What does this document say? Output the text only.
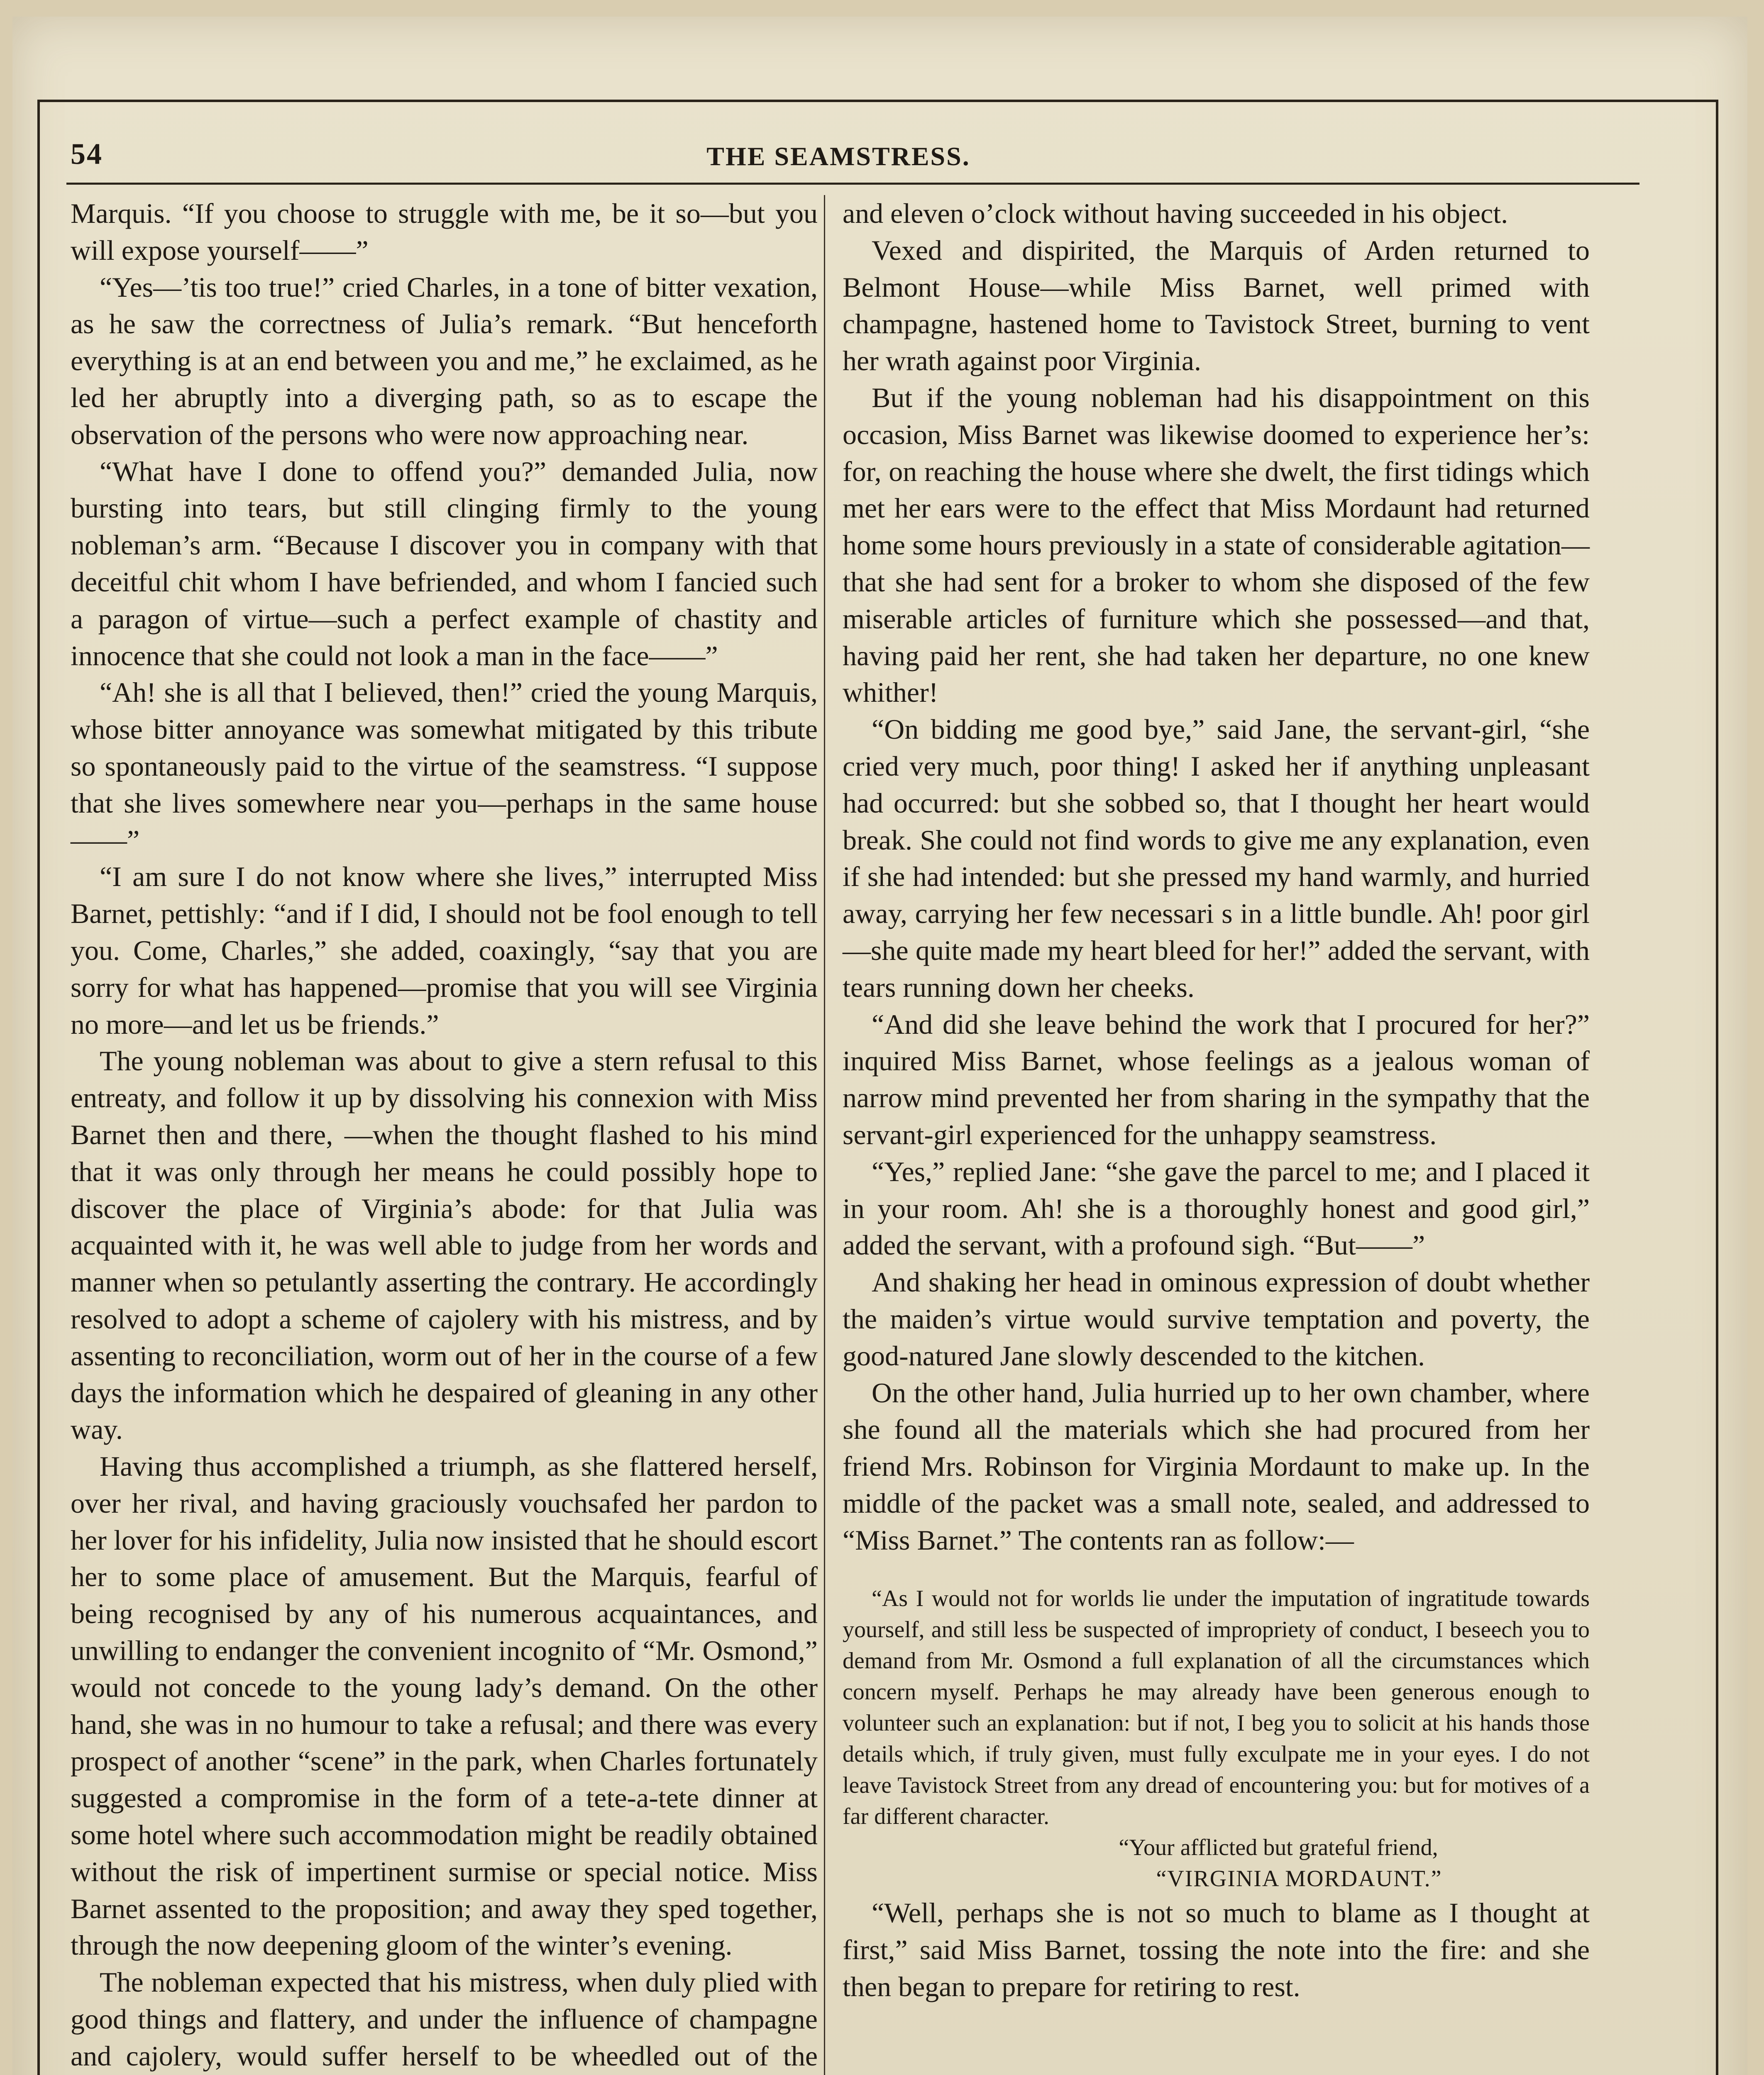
54	THE SEAMSTRESS.

Marquis. “If you choose to struggle with me, be it so—but you will expose yourself——”

“Yes—’tis too true!” cried Charles, in a tone of bitter vexation, as he saw the correctness of Julia’s remark. “But henceforth everything is at an end between you and me,” he exclaimed, as he led her abruptly into a diverging path, so as to escape the observation of the persons who were now approaching near.

“What have I done to offend you?” demanded Julia, now bursting into tears, but still clinging firmly to the young nobleman’s arm. “Because I discover you in company with that deceitful chit whom I have befriended, and whom I fancied such a paragon of virtue—such a perfect example of chastity and innocence that she could not look a man in the face——”

“Ah! she is all that I believed, then!” cried the young Marquis, whose bitter annoyance was somewhat mitigated by this tribute so spontaneously paid to the virtue of the seamstress. “I suppose that she lives somewhere near you—perhaps in the same house——”

“I am sure I do not know where she lives,” interrupted Miss Barnet, pettishly: “and if I did, I should not be fool enough to tell you. Come, Charles,” she added, coaxingly, “say that you are sorry for what has happened—promise that you will see Virginia no more—and let us be friends.”

The young nobleman was about to give a stern refusal to this entreaty, and follow it up by dissolving his connexion with Miss Barnet then and there, —when the thought flashed to his mind that it was only through her means he could possibly hope to discover the place of Virginia’s abode: for that Julia was acquainted with it, he was well able to judge from her words and manner when so petulantly asserting the contrary. He accordingly resolved to adopt a scheme of cajolery with his mistress, and by assenting to reconciliation, worm out of her in the course of a few days the information which he despaired of gleaning in any other way.

Having thus accomplished a triumph, as she flattered herself, over her rival, and having graciously vouchsafed her pardon to her lover for his infidelity, Julia now insisted that he should escort her to some place of amusement. But the Marquis, fearful of being recognised by any of his numerous acquaintances, and unwilling to endanger the convenient incognito of “Mr. Osmond,” would not concede to the young lady’s demand. On the other hand, she was in no humour to take a refusal; and there was every prospect of another “scene” in the park, when Charles fortunately suggested a compromise in the form of a tete-a-tete dinner at some hotel where such accommodation might be readily obtained without the risk of impertinent surmise or special notice. Miss Barnet assented to the proposition; and away they sped together, through the now deepening gloom of the winter’s evening.

The nobleman expected that his mistress, when duly plied with good things and flattery, and under the influence of champagne and cajolery, would suffer herself to be wheedled out of the

and eleven o’clock without having succeeded in his object.

Vexed and dispirited, the Marquis of Arden returned to Belmont House—while Miss Barnet, well primed with champagne, hastened home to Tavistock Street, burning to vent her wrath against poor Virginia.

But if the young nobleman had his disappointment on this occasion, Miss Barnet was likewise doomed to experience her’s: for, on reaching the house where she dwelt, the first tidings which met her ears were to the effect that Miss Mordaunt had returned home some hours previously in a state of considerable agitation—that she had sent for a broker to whom she disposed of the few miserable articles of furniture which she possessed—and that, having paid her rent, she had taken her departure, no one knew whither!

“On bidding me good bye,” said Jane, the servant-girl, “she cried very much, poor thing! I asked her if anything unpleasant had occurred: but she sobbed so, that I thought her heart would break. She could not find words to give me any explanation, even if she had intended: but she pressed my hand warmly, and hurried away, carrying her few necessari s in a little bundle. Ah! poor girl—she quite made my heart bleed for her!” added the servant, with tears running down her cheeks.

“And did she leave behind the work that I procured for her?” inquired Miss Barnet, whose feelings as a jealous woman of narrow mind prevented her from sharing in the sympathy that the servant-girl experienced for the unhappy seamstress.

“Yes,” replied Jane: “she gave the parcel to me; and I placed it in your room. Ah! she is a thoroughly honest and good girl,” added the servant, with a profound sigh. “But——”

And shaking her head in ominous expression of doubt whether the maiden’s virtue would survive temptation and poverty, the good-natured Jane slowly descended to the kitchen.

On the other hand, Julia hurried up to her own chamber, where she found all the materials which she had procured from her friend Mrs. Robinson for Virginia Mordaunt to make up. In the middle of the packet was a small note, sealed, and addressed to “Miss Barnet.” The contents ran as follow:—

“As I would not for worlds lie under the imputation of ingratitude towards yourself, and still less be suspected of impropriety of conduct, I beseech you to demand from Mr. Osmond a full explanation of all the circumstances which concern myself. Perhaps he may already have been generous enough to volunteer such an explanation: but if not, I beg you to solicit at his hands those details which, if truly given, must fully exculpate me in your eyes. I do not leave Tavistock Street from any dread of encountering you: but for motives of a far different character.

“Your afflicted but grateful friend,

“VIRGINIA MORDAUNT.”

“Well, perhaps she is not so much to blame as I thought at first,” said Miss Barnet, tossing the note into the fire: and she then began to prepare for retiring to rest.
